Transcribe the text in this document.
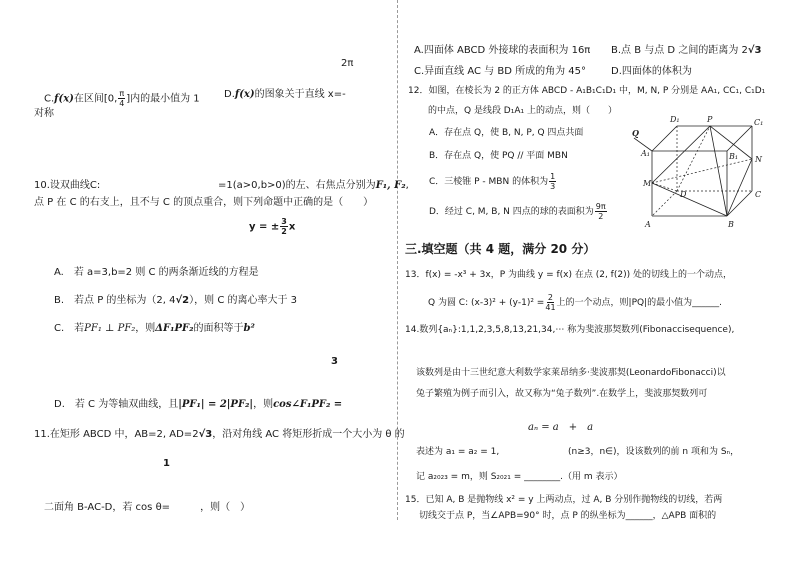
2π
C.f(x)在区间[0, $\frac{\pi}{4}$ ]内的最小值为 1 D.f(x)的图象关于直线 x=-
对称
10.设双曲线C:	=1(a>0,b>0)的左、右焦点分别为F₁, F₂,
点 P 在 C 的右支上，且不与 C 的顶点重合，则下列命题中正确的是（　　）
y = ± $\frac{3}{2}$ x
A.　若 a=3,b=2 则 C 的两条渐近线的方程是
B.　若点 P 的坐标为（2, 4√2），则 C 的离心率大于 3
C.　若PF₁ ⊥ PF₂，则ΔF₁PF₂的面积等于b²
3
D.　若 C 为等轴双曲线，且|PF₁| = 2|PF₂|，则cos∠F₁PF₂ =
11.在矩形 ABCD 中，AB=2, AD=2√3，沿对角线 AC 将矩形折成一个大小为 θ 的
1
二面角 B-AC-D，若 cos θ=　　　，则（　）
A.四面体 ABCD 外接球的表面积为 16π B.点 B 与点 D 之间的距离为 2√3
C.异面直线 AC 与 BD 所成的角为 45°	D.四面体的体积为
12．如图，在棱长为 2 的正方体 ABCD - A₁B₁C₁D₁ 中，M, N, P 分别是 AA₁, CC₁, C₁D₁
的中点，Q 是线段 D₁A₁ 上的动点，则（　　）
A．存在点 Q，使 B, N, P, Q 四点共面
B．存在点 Q，使 PQ // 平面 MBN
C．三棱锥 P - MBN 的体积为 $\frac{1}{3}$
D．经过 C, M, B, N 四点的球的表面积为 $\frac{9\pi}{2}$
D₁	P	C₁
Q
A₁	B₁ N
M
D	C
A	B
三.填空题（共 4 题，满分 20 分）
13．f(x) = -x³ + 3x，P 为曲线 y = f(x) 在点 (2, f(2)) 处的切线上的一个动点，
Q 为圆 C: $(x-3)^2 + (y-1)^2 = \frac{2}{41}$ 上的一个动点，则|PQ|的最小值为______.
14.数列{aₙ}:1,1,2,3,5,8,13,21,34,⋯ 称为斐波那契数列(Fibonaccisequence),
该数列是由十三世纪意大利数学家莱昂纳多·斐波那契(LeonardoFibonacci)以
兔子繁殖为例子而引入，故又称为“兔子数列”.在数学上，斐波那契数列可
aₙ = a　+　a
表述为 a₁ = a₂ = 1,	(n≥3，n∈)，设该数列的前 n 项和为 Sₙ，
记 a₂₀₂₃ = m，则 S₂₀₂₁ = ________.（用 m 表示）
15．已知 A, B 是抛物线 x² = y 上两动点，过 A, B 分别作抛物线的切线，若两
切线交于点 P，当∠APB=90° 时，点 P 的纵坐标为______，△APB 面积的
